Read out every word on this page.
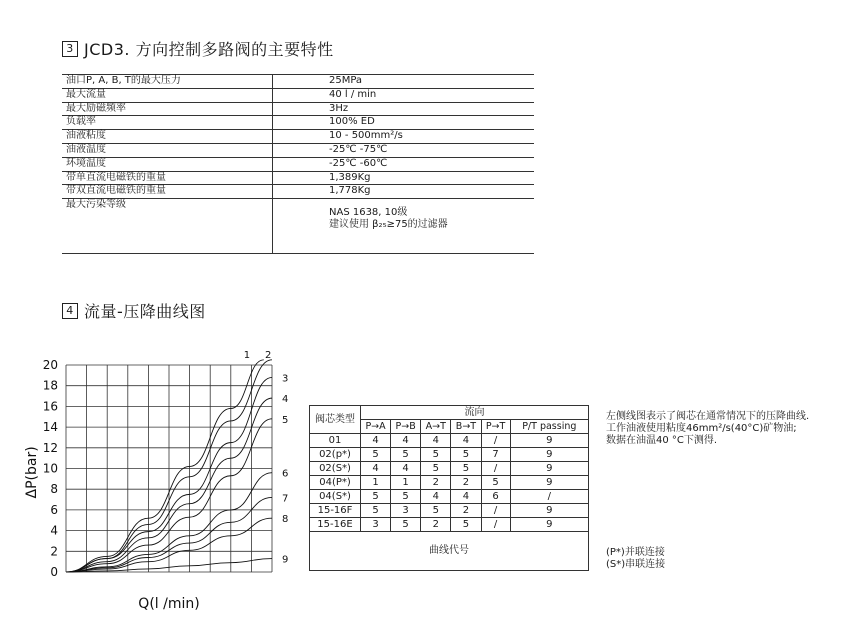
3 JCD3. 方向控制多路阀的主要特性
油口P, A, B, T的最大压力	25MPa
最大流量	40 l / min
最大励磁频率	3Hz
负载率	100% ED
油液粘度	10 - 500mm²/s
油液温度	-25℃ -75℃
环境温度	-25℃ -60℃
带单直流电磁铁的重量	1,389Kg
带双直流电磁铁的重量	1,778Kg
最大污染等级	NAS 1638, 10级
建议使用 β₂₅≥75的过滤器
4 流量-压降曲线图
0
2
4
6
8
10
12
14
16
18
20
1 2
3
4
5
6
7
8
9
ΔP(bar)
Q(l /min)
阀芯类型	流向					
	P→A	P→B	A→T	B→T	P→T	P/T passing
01	4	4	4	4	/	9
02(p*)	5	5	5	5	7	9
02(S*)	4	4	5	5	/	9
04(P*)	1	1	2	2	5	9
04(S*)	5	5	4	4	6	/
15-16F	5	3	5	2	/	9
15-16E	3	5	2	5	/	9
曲线代号						
左侧线图表示了阀芯在通常情况下的压降曲线.
工作油液使用粘度46mm²/s(40°C)矿物油;
数据在油温40 °C下测得.
(P*)并联连接
(S*)串联连接
